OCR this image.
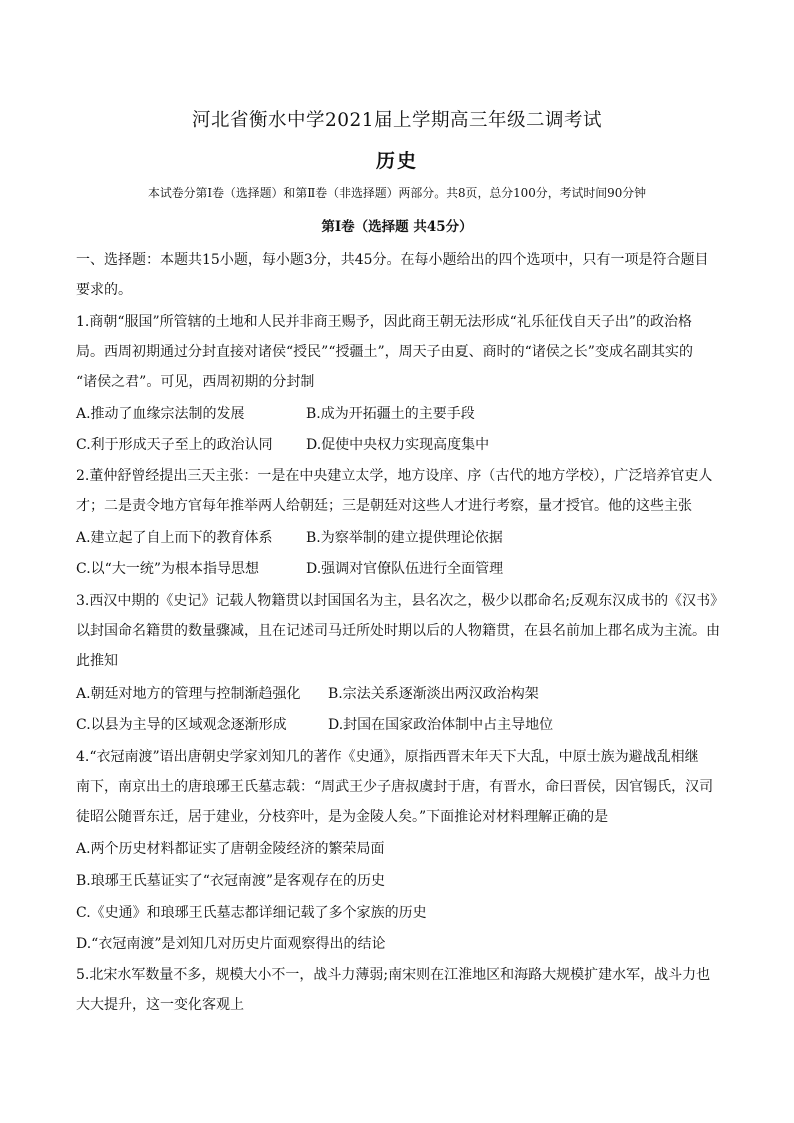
河北省衡水中学2021届上学期高三年级二调考试
历史
本试卷分第Ⅰ卷（选择题）和第Ⅱ卷（非选择题）两部分。共8页，总分100分，考试时间90分钟
第Ⅰ卷（选择题 共45分）
一、选择题：本题共15小题，每小题3分，共45分。在每小题给出的四个选项中，只有一项是符合题目
要求的。
1.商朝“服国”所管辖的土地和人民并非商王赐予，因此商王朝无法形成“礼乐征伐自天子出”的政治格
局。西周初期通过分封直接对诸侯“授民”“授疆土”，周天子由夏、商时的“诸侯之长”变成名副其实的
“诸侯之君”。可见，西周初期的分封制
A.推动了血缘宗法制的发展	B.成为开拓疆土的主要手段
C.利于形成天子至上的政治认同 D.促使中央权力实现高度集中
2.董仲舒曾经提出三天主张：一是在中央建立太学，地方设庠、序（古代的地方学校），广泛培养官吏人
才；二是责令地方官每年推举两人给朝廷；三是朝廷对这些人才进行考察，量才授官。他的这些主张
A.建立起了自上而下的教育体系 B.为察举制的建立提供理论依据
C.以“大一统”为根本指导思想	D.强调对官僚队伍进行全面管理
3.西汉中期的《史记》记载人物籍贯以封国国名为主，县名次之，极少以郡命名;反观东汉成书的《汉书》
以封国命名籍贯的数量骤减，且在记述司马迁所处时期以后的人物籍贯，在县名前加上郡名成为主流。由
此推知
A.朝廷对地方的管理与控制渐趋强化 B.宗法关系逐渐淡出两汉政治构架
C.以县为主导的区域观念逐渐形成	D.封国在国家政治体制中占主导地位
4.“衣冠南渡”语出唐朝史学家刘知几的著作《史通》，原指西晋末年天下大乱，中原士族为避战乱相继
南下，南京出土的唐琅琊王氏墓志载：“周武王少子唐叔虞封于唐，有晋水，命曰晋侯，因官锡氏，汉司
徒昭公随晋东迁，居于建业，分枝弈叶，是为金陵人矣。”下面推论对材料理解正确的是
A.两个历史材料都证实了唐朝金陵经济的繁荣局面
B.琅琊王氏墓证实了“衣冠南渡”是客观存在的历史
C.《史通》和琅琊王氏墓志都详细记载了多个家族的历史
D.“衣冠南渡”是刘知几对历史片面观察得出的结论
5.北宋水军数量不多，规模大小不一，战斗力薄弱;南宋则在江淮地区和海路大规模扩建水军，战斗力也
大大提升，这一变化客观上
